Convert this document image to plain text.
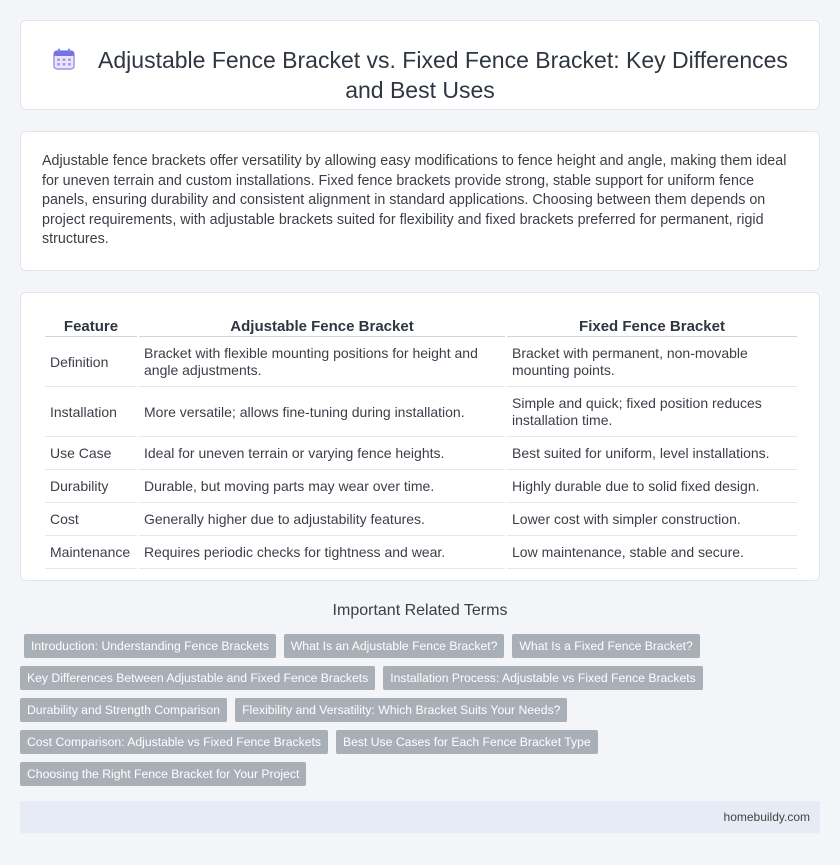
Adjustable Fence Bracket vs. Fixed Fence Bracket: Key Differences and Best Uses

Adjustable fence brackets offer versatility by allowing easy modifications to fence height and angle, making them ideal for uneven terrain and custom installations. Fixed fence brackets provide strong, stable support for uniform fence panels, ensuring durability and consistent alignment in standard applications. Choosing between them depends on project requirements, with adjustable brackets suited for flexibility and fixed brackets preferred for permanent, rigid structures.

Feature	Adjustable Fence Bracket	Fixed Fence Bracket
Definition	Bracket with flexible mounting positions for height and angle adjustments.	Bracket with permanent, non-movable mounting points.
Installation	More versatile; allows fine-tuning during installation.	Simple and quick; fixed position reduces installation time.
Use Case	Ideal for uneven terrain or varying fence heights.	Best suited for uniform, level installations.
Durability	Durable, but moving parts may wear over time.	Highly durable due to solid fixed design.
Cost	Generally higher due to adjustability features.	Lower cost with simpler construction.
Maintenance	Requires periodic checks for tightness and wear.	Low maintenance, stable and secure.
Important Related Terms
Introduction: Understanding Fence Brackets	What Is an Adjustable Fence Bracket?	What Is a Fixed Fence Bracket?
Key Differences Between Adjustable and Fixed Fence Brackets	Installation Process: Adjustable vs Fixed Fence Brackets
Durability and Strength Comparison	Flexibility and Versatility: Which Bracket Suits Your Needs?
Cost Comparison: Adjustable vs Fixed Fence Brackets	Best Use Cases for Each Fence Bracket Type
Choosing the Right Fence Bracket for Your Project
homebuildy.com
